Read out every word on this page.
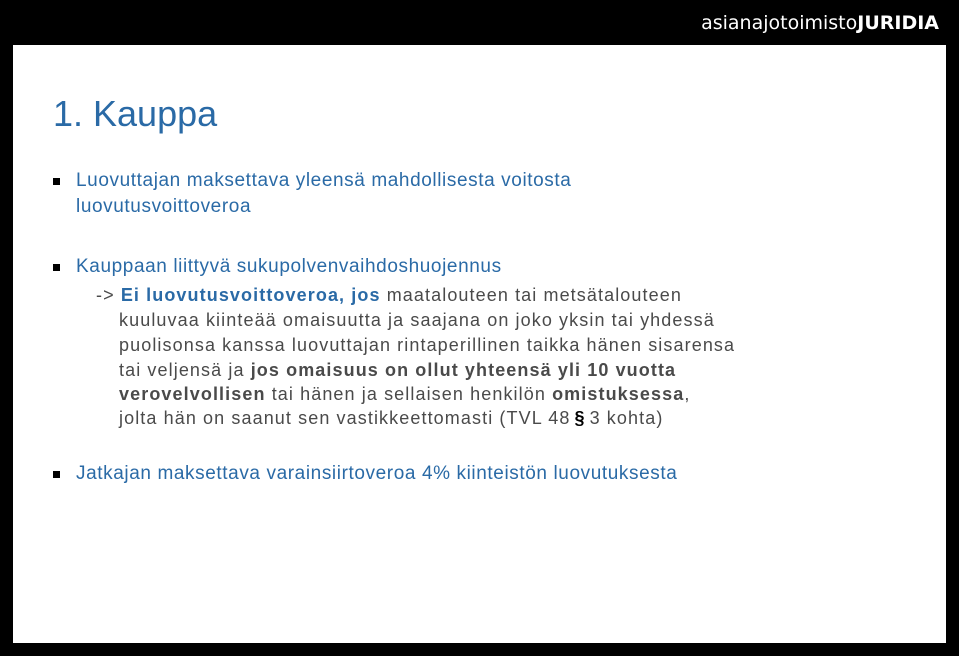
asianajotoimistoJURIDIA
1. Kauppa

Luovuttajan maksettava yleensä mahdollisesta voitosta

luovutusvoittoveroa

Kauppaan liittyvä sukupolvenvaihdoshuojennus

-> Ei luovutusvoittoveroa, jos maatalouteen tai metsätalouteen

kuuluvaa kiinteää omaisuutta ja saajana on joko yksin tai yhdessä

puolisonsa kanssa luovuttajan rintaperillinen taikka hänen sisarensa

tai veljensä ja jos omaisuus on ollut yhteensä yli 10 vuotta

verovelvollisen tai hänen ja sellaisen henkilön omistuksessa,

jolta hän on saanut sen vastikkeettomasti (TVL 48 § 3 kohta)

Jatkajan maksettava varainsiirtoveroa 4% kiinteistön luovutuksesta
